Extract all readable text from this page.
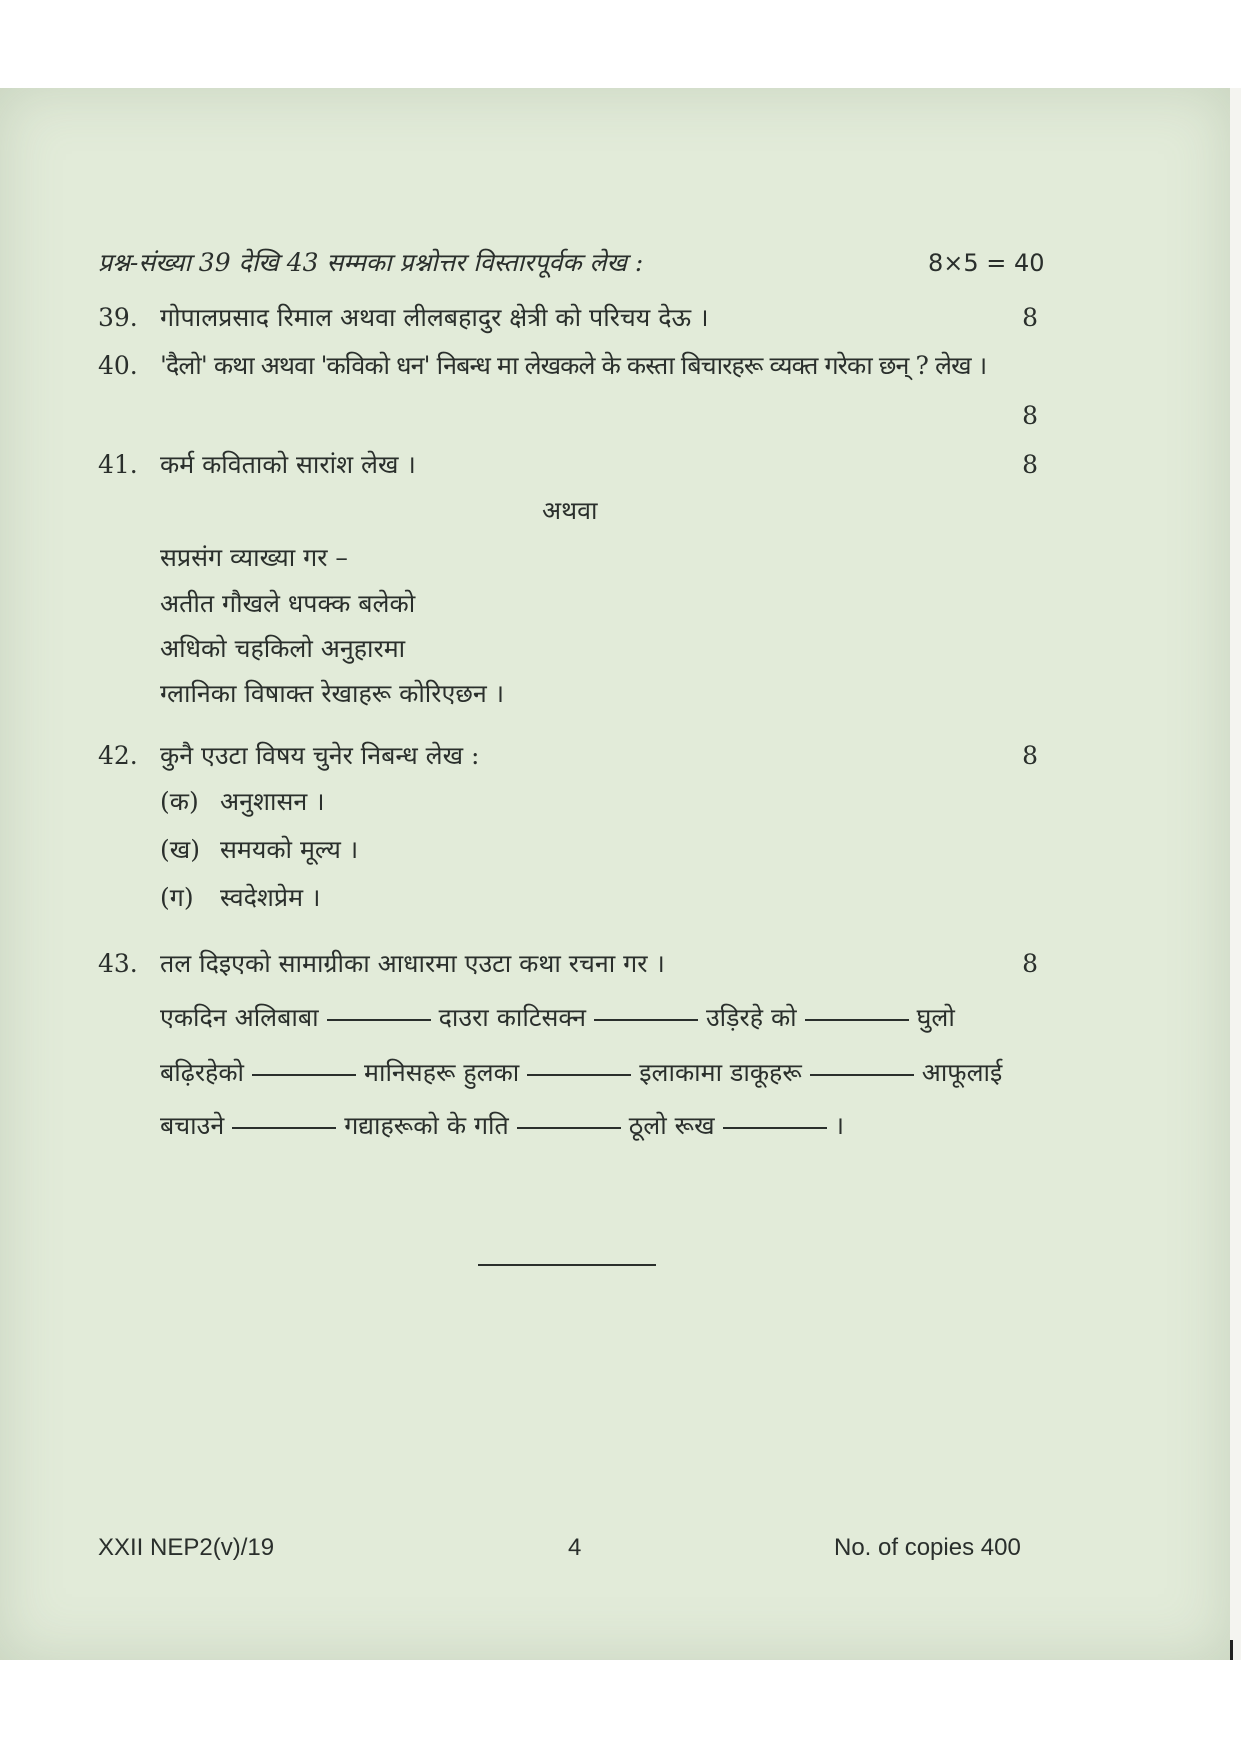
प्रश्न-संख्या 39 देखि 43 सम्मका प्रश्नोत्तर विस्तारपूर्वक लेख :	8×5 = 40
39. गोपालप्रसाद रिमाल अथवा लीलबहादुर क्षेत्री को परिचय देऊ ।	8
40. 'दैलो' कथा अथवा 'कविको धन' निबन्ध मा लेखकले के कस्ता बिचारहरू व्यक्त गरेका छन् ? लेख ।
8
41. कर्म कविताको सारांश लेख ।	8
अथवा
सप्रसंग व्याख्या गर –
अतीत गौखले धपक्क बलेको
अधिको चहकिलो अनुहारमा
ग्लानिका विषाक्त रेखाहरू कोरिएछन ।
42. कुनै एउटा विषय चुनेर निबन्ध लेख :	8
(क) अनुशासन ।
(ख) समयको मूल्य ।
(ग) स्वदेशप्रेम ।
43. तल दिइएको सामाग्रीका आधारमा एउटा कथा रचना गर ।	8
एकदिन अलिबाबा	दाउरा काटिसक्न	उड़िरहे को	घुलो
बढ़िरहेको	मानिसहरू हुलका	इलाकामा डाकूहरू	आफूलाई
बचाउने	गद्याहरूको के गति	ठूलो रूख	।
XXII NEP2(v)/19	4	No. of copies 400
